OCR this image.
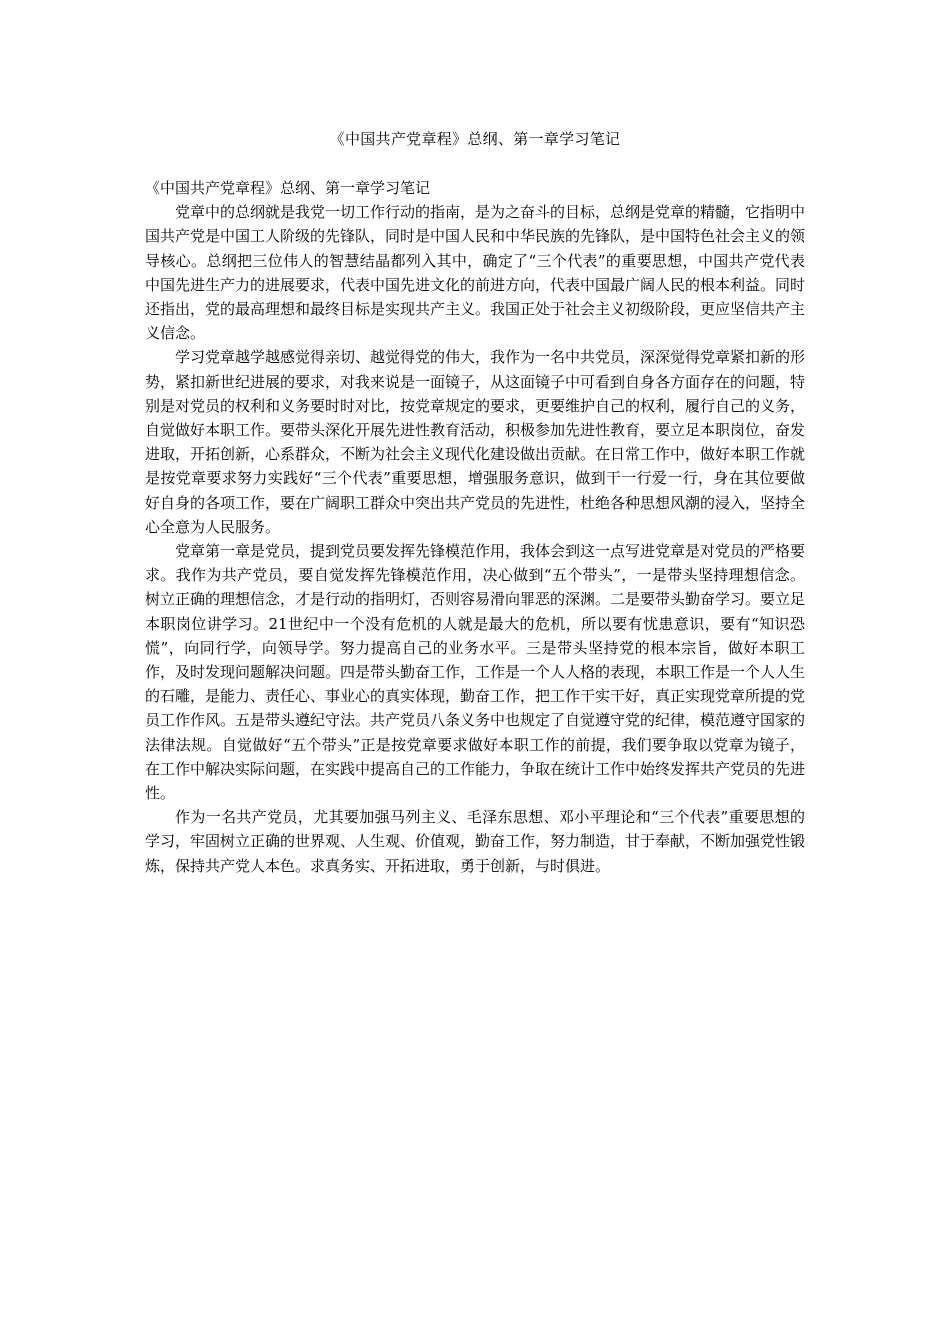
《中国共产党章程》总纲、第一章学习笔记

《中国共产党章程》总纲、第一章学习笔记

党章中的总纲就是我党一切工作行动的指南，是为之奋斗的目标，总纲是党章的精髓，它指明中国共产党是中国工人阶级的先锋队，同时是中国人民和中华民族的先锋队，是中国特色社会主义的领导核心。总纲把三位伟人的智慧结晶都列入其中，确定了“三个代表”的重要思想，中国共产党代表中国先进生产力的进展要求，代表中国先进文化的前进方向，代表中国最广阔人民的根本利益。同时还指出，党的最高理想和最终目标是实现共产主义。我国正处于社会主义初级阶段，更应坚信共产主义信念。

学习党章越学越感觉得亲切、越觉得党的伟大，我作为一名中共党员，深深觉得党章紧扣新的形势，紧扣新世纪进展的要求，对我来说是一面镜子，从这面镜子中可看到自身各方面存在的问题，特别是对党员的权利和义务要时时对比，按党章规定的要求，更要维护自己的权利，履行自己的义务，自觉做好本职工作。要带头深化开展先进性教育活动，积极参加先进性教育，要立足本职岗位，奋发进取，开拓创新，心系群众，不断为社会主义现代化建设做出贡献。在日常工作中，做好本职工作就是按党章要求努力实践好“三个代表”重要思想，增强服务意识，做到干一行爱一行，身在其位要做好自身的各项工作，要在广阔职工群众中突出共产党员的先进性，杜绝各种思想风潮的浸入，坚持全心全意为人民服务。

党章第一章是党员，提到党员要发挥先锋模范作用，我体会到这一点写进党章是对党员的严格要求。我作为共产党员，要自觉发挥先锋模范作用，决心做到“五个带头”，一是带头坚持理想信念。树立正确的理想信念，才是行动的指明灯，否则容易滑向罪恶的深渊。二是要带头勤奋学习。要立足本职岗位讲学习。21世纪中一个没有危机的人就是最大的危机，所以要有忧患意识，要有“知识恐慌”，向同行学，向领导学。努力提高自己的业务水平。三是带头坚持党的根本宗旨，做好本职工作，及时发现问题解决问题。四是带头勤奋工作，工作是一个人人格的表现，本职工作是一个人人生的石雕，是能力、责任心、事业心的真实体现，勤奋工作，把工作干实干好，真正实现党章所提的党员工作作风。五是带头遵纪守法。共产党员八条义务中也规定了自觉遵守党的纪律，模范遵守国家的法律法规。自觉做好“五个带头”正是按党章要求做好本职工作的前提，我们要争取以党章为镜子，在工作中解决实际问题，在实践中提高自己的工作能力，争取在统计工作中始终发挥共产党员的先进性。

作为一名共产党员，尤其要加强马列主义、毛泽东思想、邓小平理论和“三个代表”重要思想的学习，牢固树立正确的世界观、人生观、价值观，勤奋工作，努力制造，甘于奉献，不断加强党性锻炼，保持共产党人本色。求真务实、开拓进取，勇于创新，与时俱进。
